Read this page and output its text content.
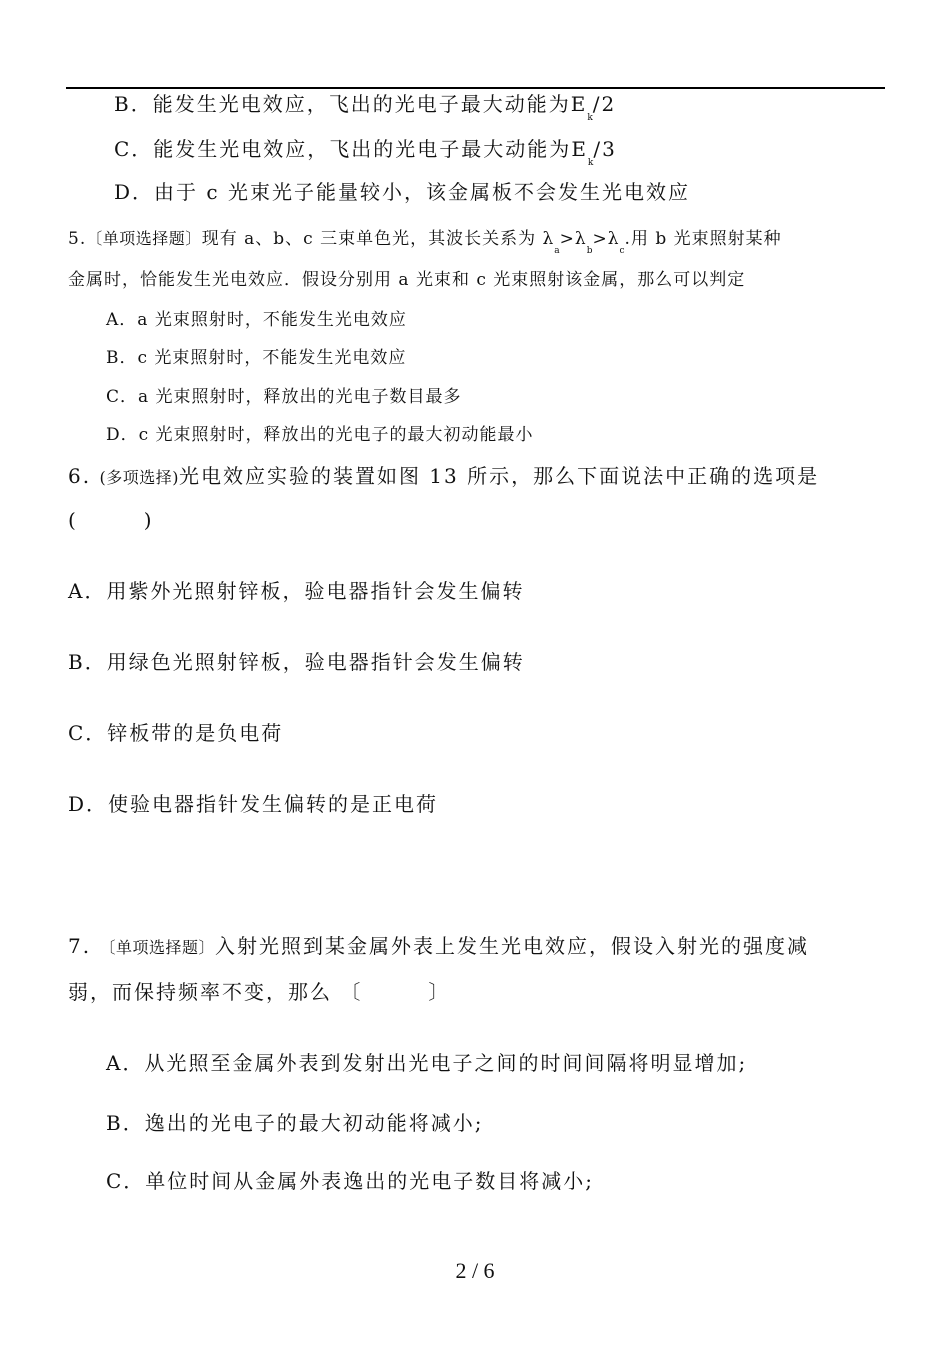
B．能发生光电效应，飞出的光电子最大动能为$E_k/2$
C．能发生光电效应，飞出的光电子最大动能为$E_k/3$
D．由于 c 光束光子能量较小，该金属板不会发生光电效应
5.〔单项选择题〕现有 a、b、c 三束单色光，其波长关系为 $\lambda_a>\lambda_b>\lambda_c$.用 b 光束照射某种
金属时，恰能发生光电效应．假设分别用 a 光束和 c 光束照射该金属，那么可以判定
A．a 光束照射时，不能发生光电效应
B．c 光束照射时，不能发生光电效应
C．a 光束照射时，释放出的光电子数目最多
D．c 光束照射时，释放出的光电子的最大初动能最小
6. (多项选择)光电效应实验的装置如图 13 所示，那么下面说法中正确的选项是
(　　　)
A．用紫外光照射锌板，验电器指针会发生偏转
B．用绿色光照射锌板，验电器指针会发生偏转
C．锌板带的是负电荷
D．使验电器指针发生偏转的是正电荷
7. 〔单项选择题〕入射光照到某金属外表上发生光电效应，假设入射光的强度减
弱，而保持频率不变，那么 〔　　　〕
A．从光照至金属外表到发射出光电子之间的时间间隔将明显增加;
B．逸出的光电子的最大初动能将减小;
C．单位时间从金属外表逸出的光电子数目将减小;
2 / 6
